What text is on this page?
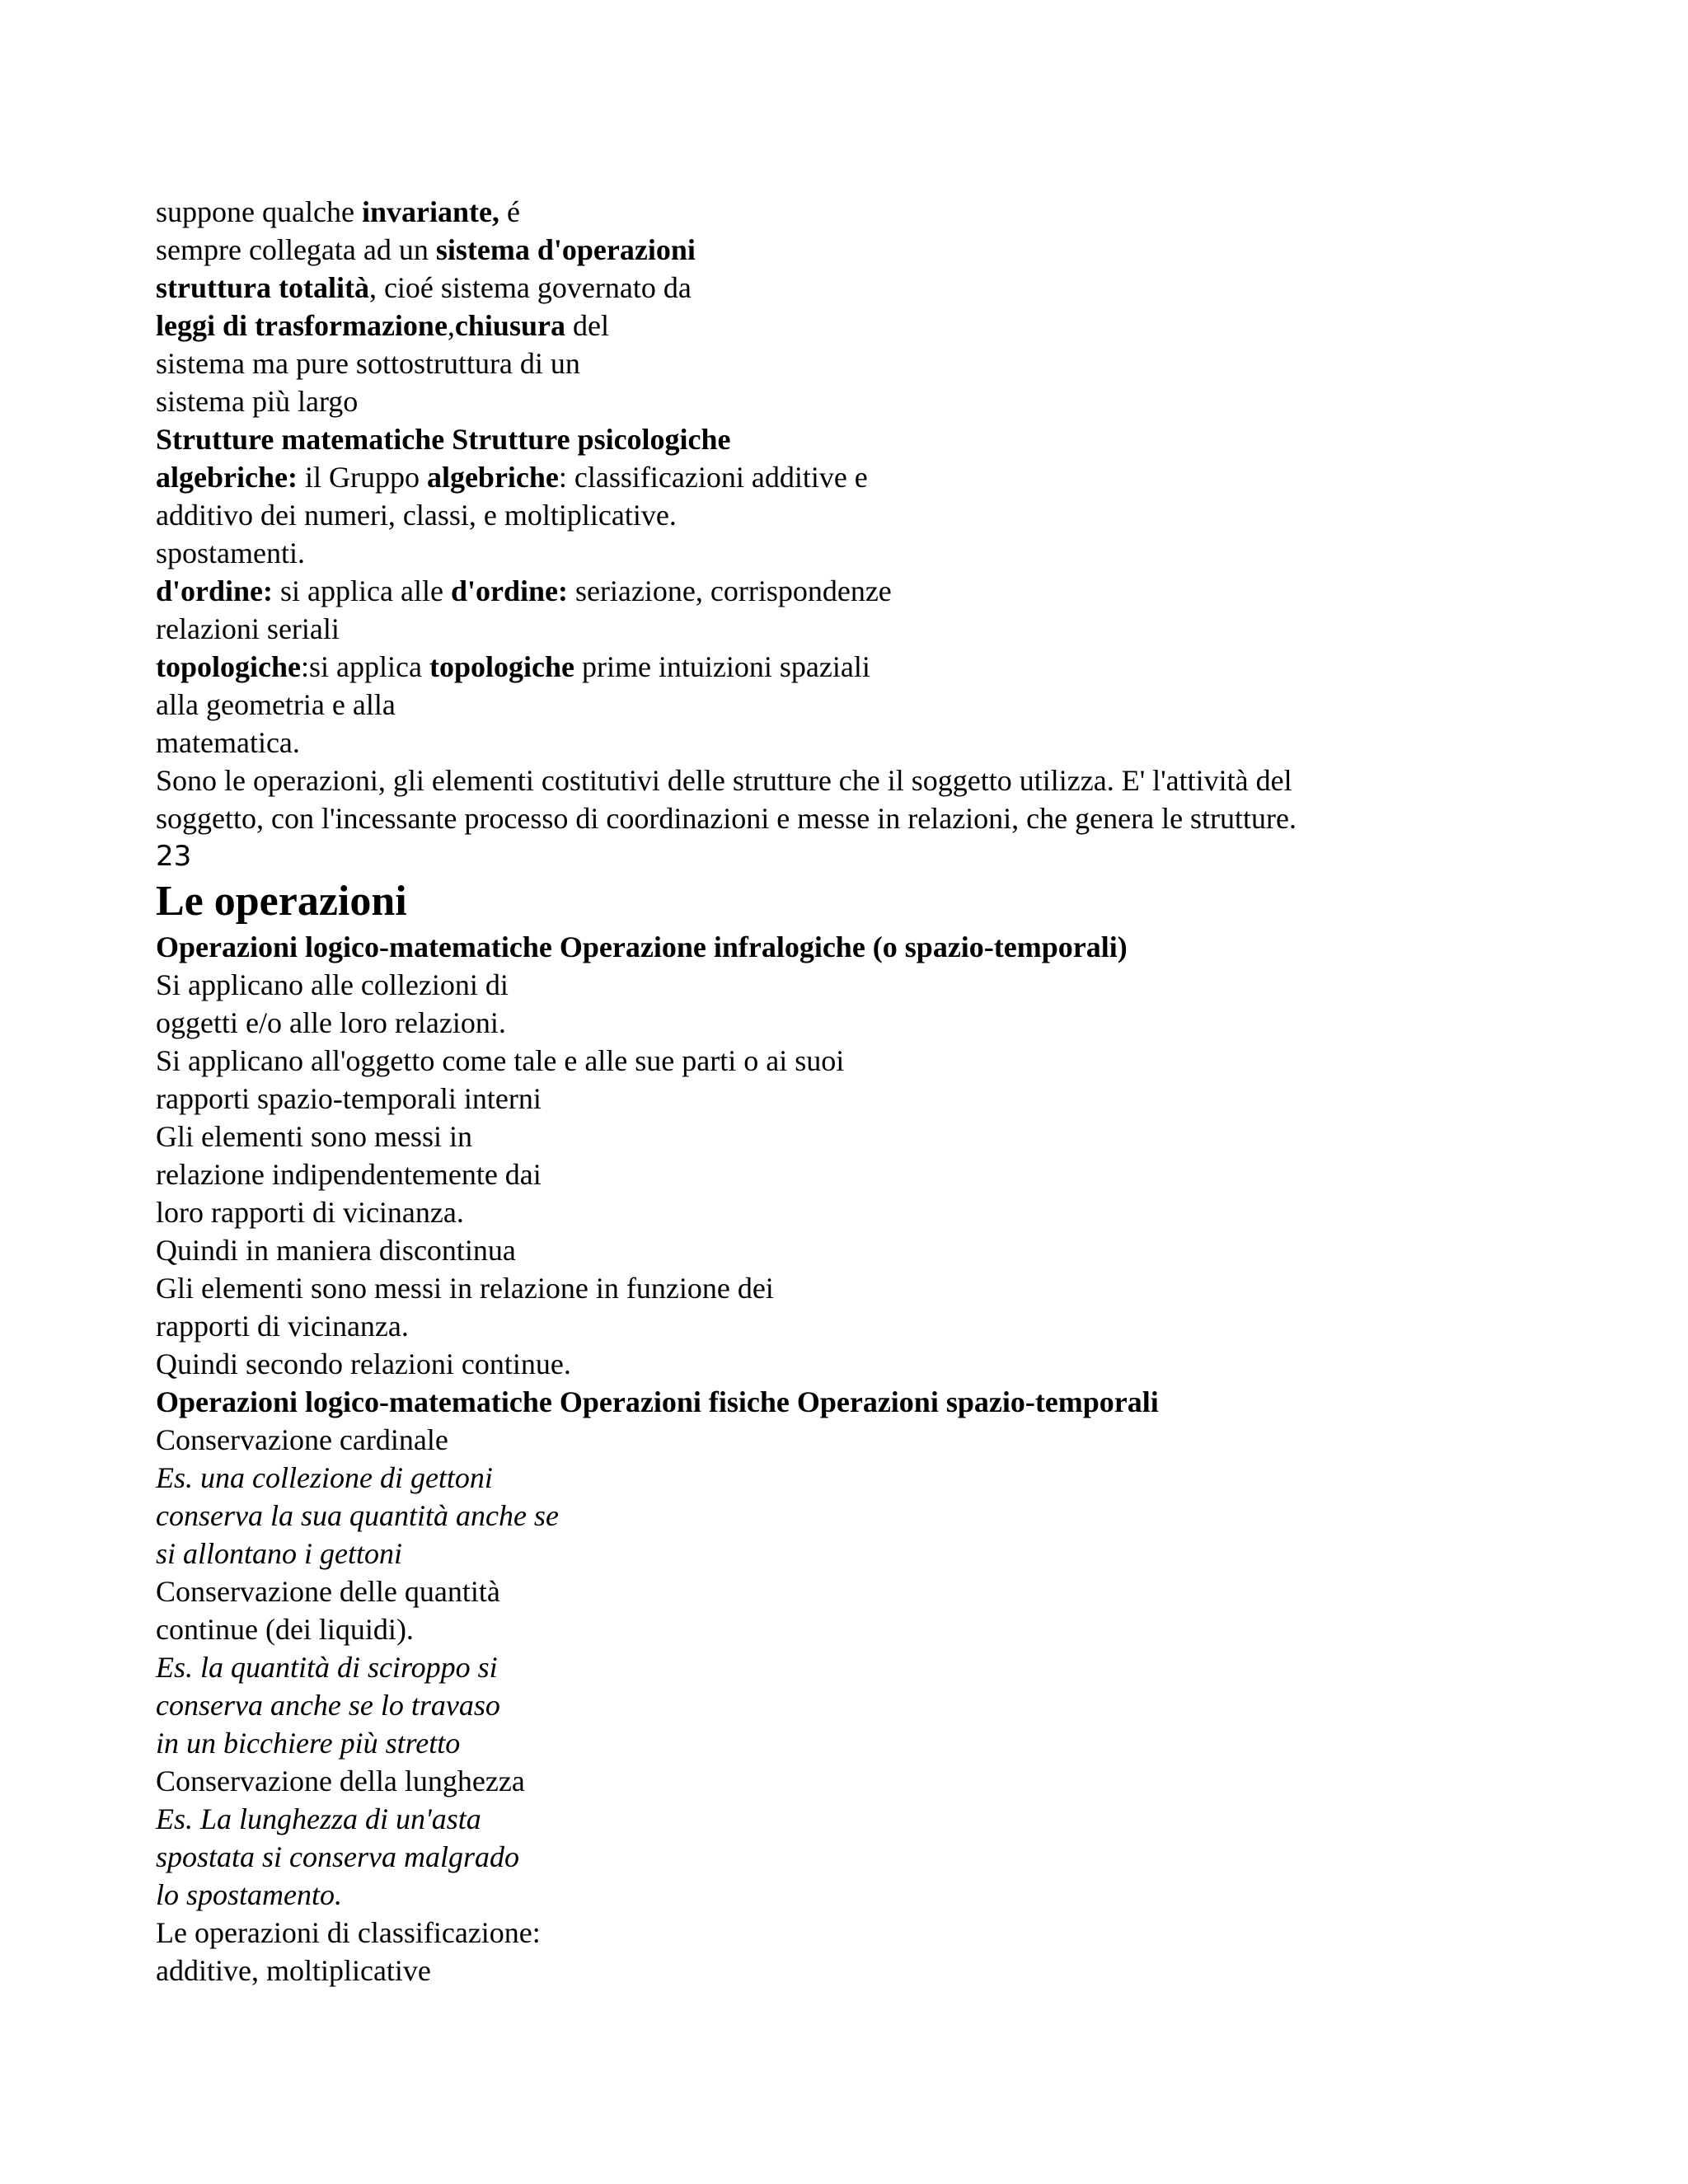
suppone qualche invariante, é
sempre collegata ad un sistema d'operazioni
struttura totalità, cioé sistema governato da
leggi di trasformazione,chiusura del
sistema ma pure sottostruttura di un
sistema più largo
Strutture matematiche Strutture psicologiche
algebriche: il Gruppo algebriche: classificazioni additive e
additivo dei numeri, classi, e moltiplicative.
spostamenti.
d'ordine: si applica alle d'ordine: seriazione, corrispondenze
relazioni seriali
topologiche:si applica topologiche prime intuizioni spaziali
alla geometria e alla
matematica.
Sono le operazioni, gli elementi costitutivi delle strutture che il soggetto utilizza. E' l'attività del
soggetto, con l'incessante processo di coordinazioni e messe in relazioni, che genera le strutture.
23
Le operazioni
Operazioni logico-matematiche Operazione infralogiche (o spazio-temporali)
Si applicano alle collezioni di
oggetti e/o alle loro relazioni.
Si applicano all'oggetto come tale e alle sue parti o ai suoi
rapporti spazio-temporali interni
Gli elementi sono messi in
relazione indipendentemente dai
loro rapporti di vicinanza.
Quindi in maniera discontinua
Gli elementi sono messi in relazione in funzione dei
rapporti di vicinanza.
Quindi secondo relazioni continue.
Operazioni logico-matematiche Operazioni fisiche Operazioni spazio-temporali
Conservazione cardinale
Es. una collezione di gettoni
conserva la sua quantità anche se
si allontano i gettoni
Conservazione delle quantità
continue (dei liquidi).
Es. la quantità di sciroppo si
conserva anche se lo travaso
in un bicchiere più stretto
Conservazione della lunghezza
Es. La lunghezza di un'asta
spostata si conserva malgrado
lo spostamento.
Le operazioni di classificazione:
additive, moltiplicative
